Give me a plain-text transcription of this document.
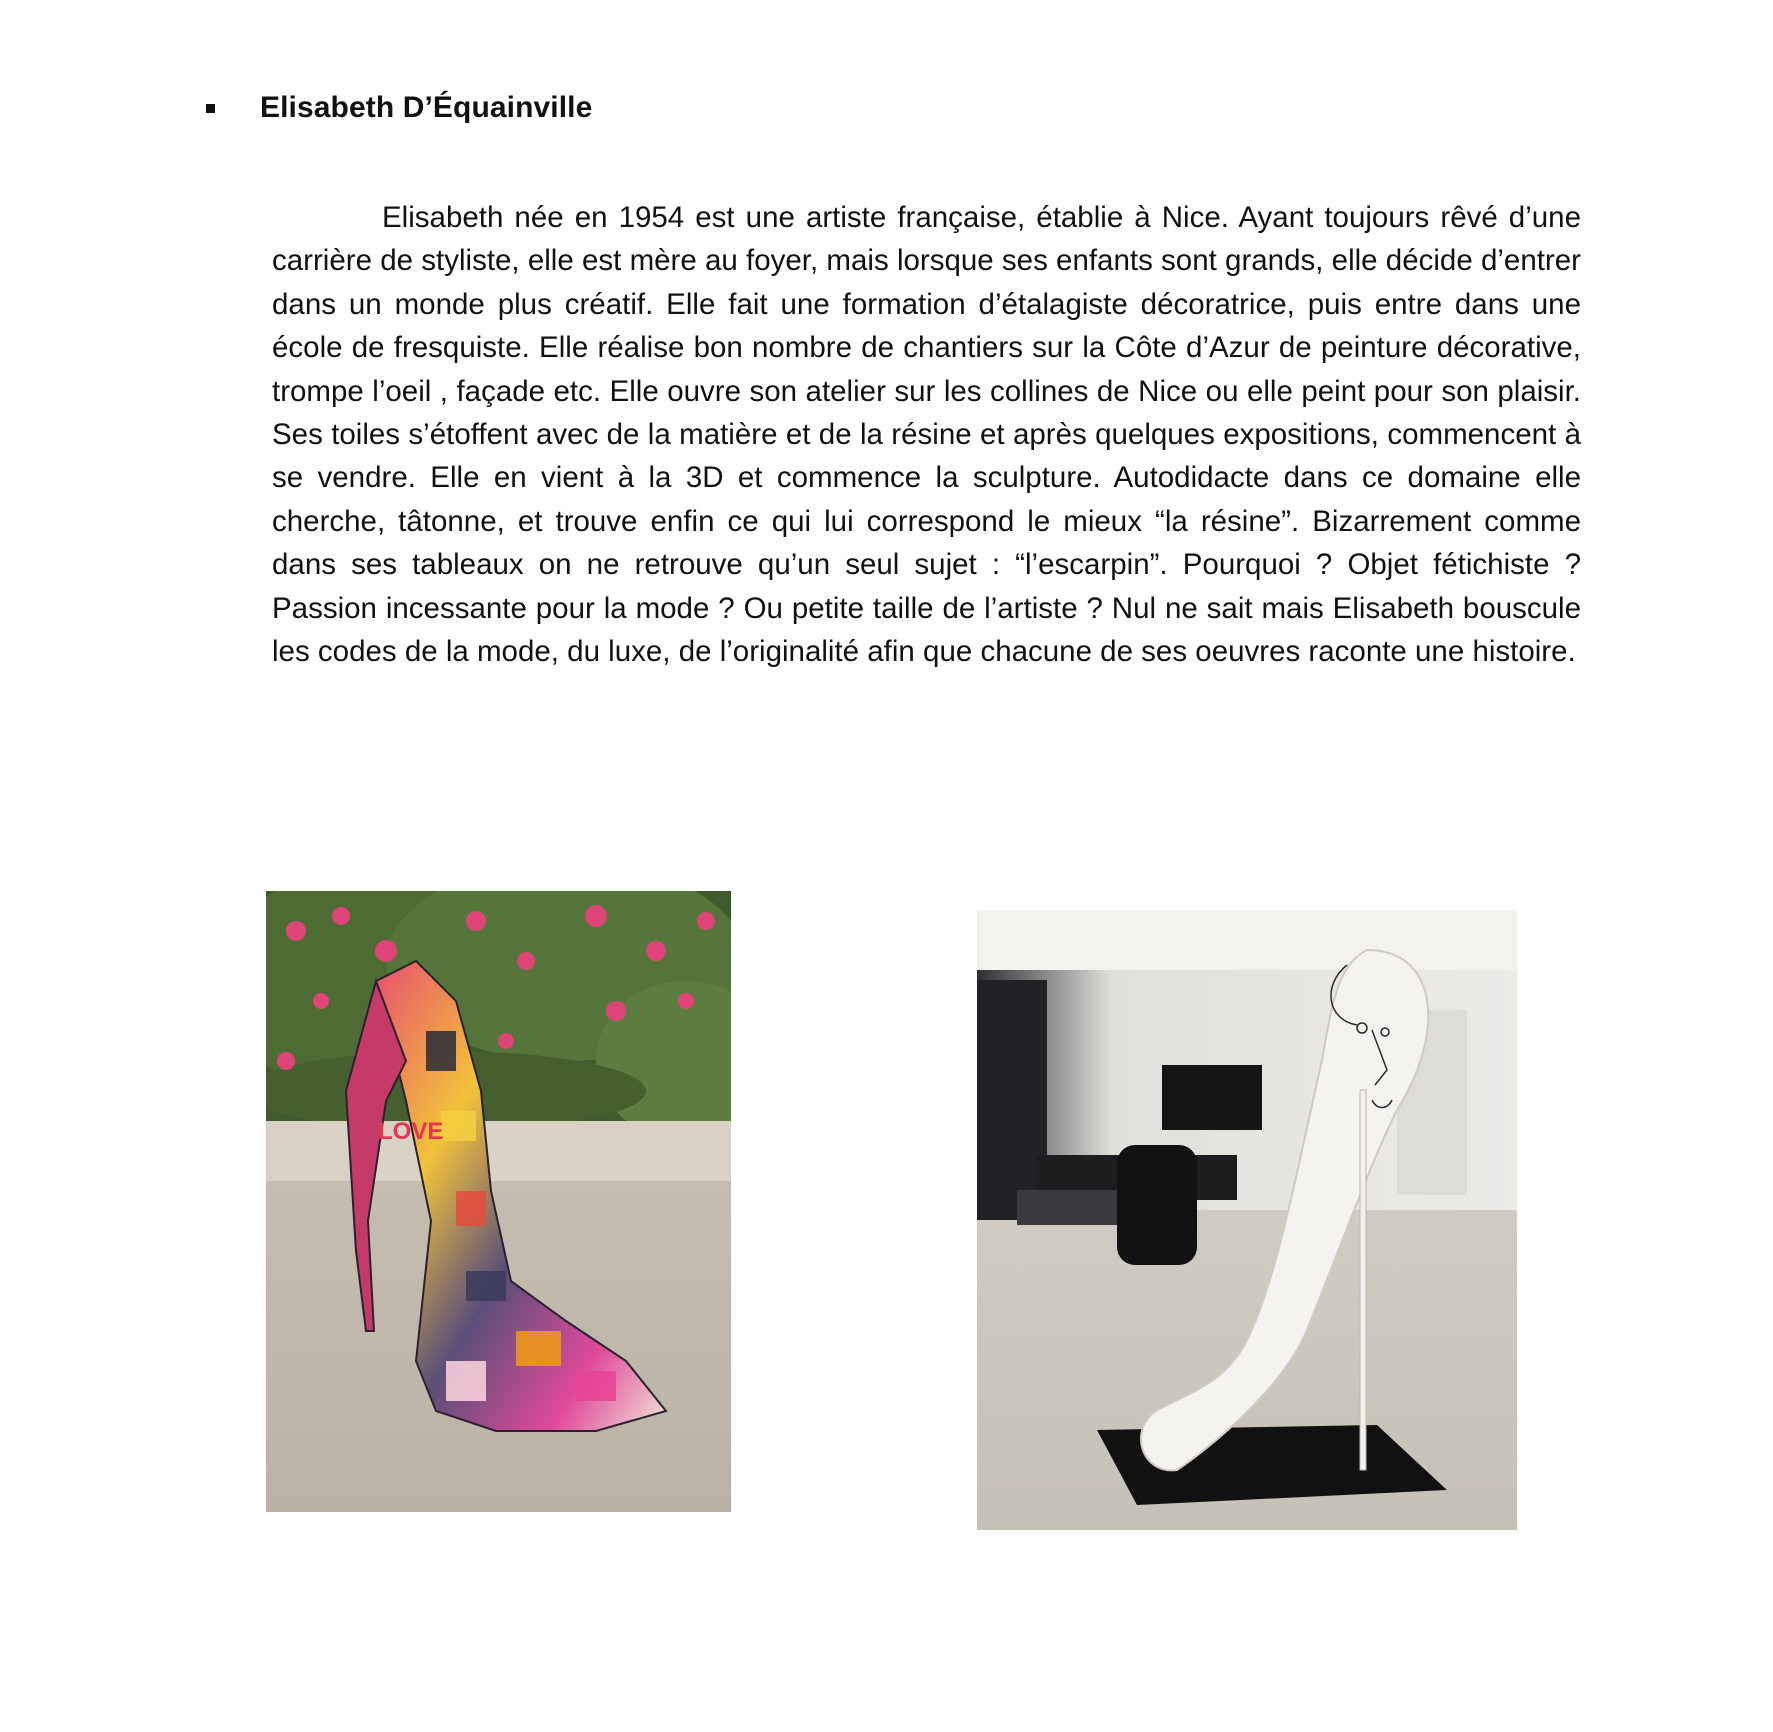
Elisabeth D’Équainville

Elisabeth née en 1954 est une artiste française, établie à Nice. Ayant toujours rêvé d’une carrière de styliste, elle est mère au foyer, mais lorsque ses enfants sont grands, elle décide d’entrer dans un monde plus créatif. Elle fait une formation d’étalagiste décoratrice, puis entre dans une école de fresquiste. Elle réalise bon nombre de chantiers sur la Côte d’Azur de peinture décorative, trompe l’oeil , façade etc. Elle ouvre son atelier sur les collines de Nice ou elle peint pour son plaisir. Ses toiles s’étoffent avec de la matière et de la résine et après quelques expositions, commencent à se vendre. Elle en vient à la 3D et commence la sculpture. Autodidacte dans ce domaine elle cherche, tâtonne, et trouve enfin ce qui lui correspond le mieux “la résine”. Bizarrement comme dans ses tableaux on ne retrouve qu’un seul sujet : “l’escarpin”. Pourquoi ? Objet fétichiste ? Passion incessante pour la mode ? Ou petite taille de l’artiste ? Nul ne sait mais Elisabeth bouscule les codes de la mode, du luxe, de l’originalité afin que chacune de ses oeuvres raconte une histoire.

LOVE
